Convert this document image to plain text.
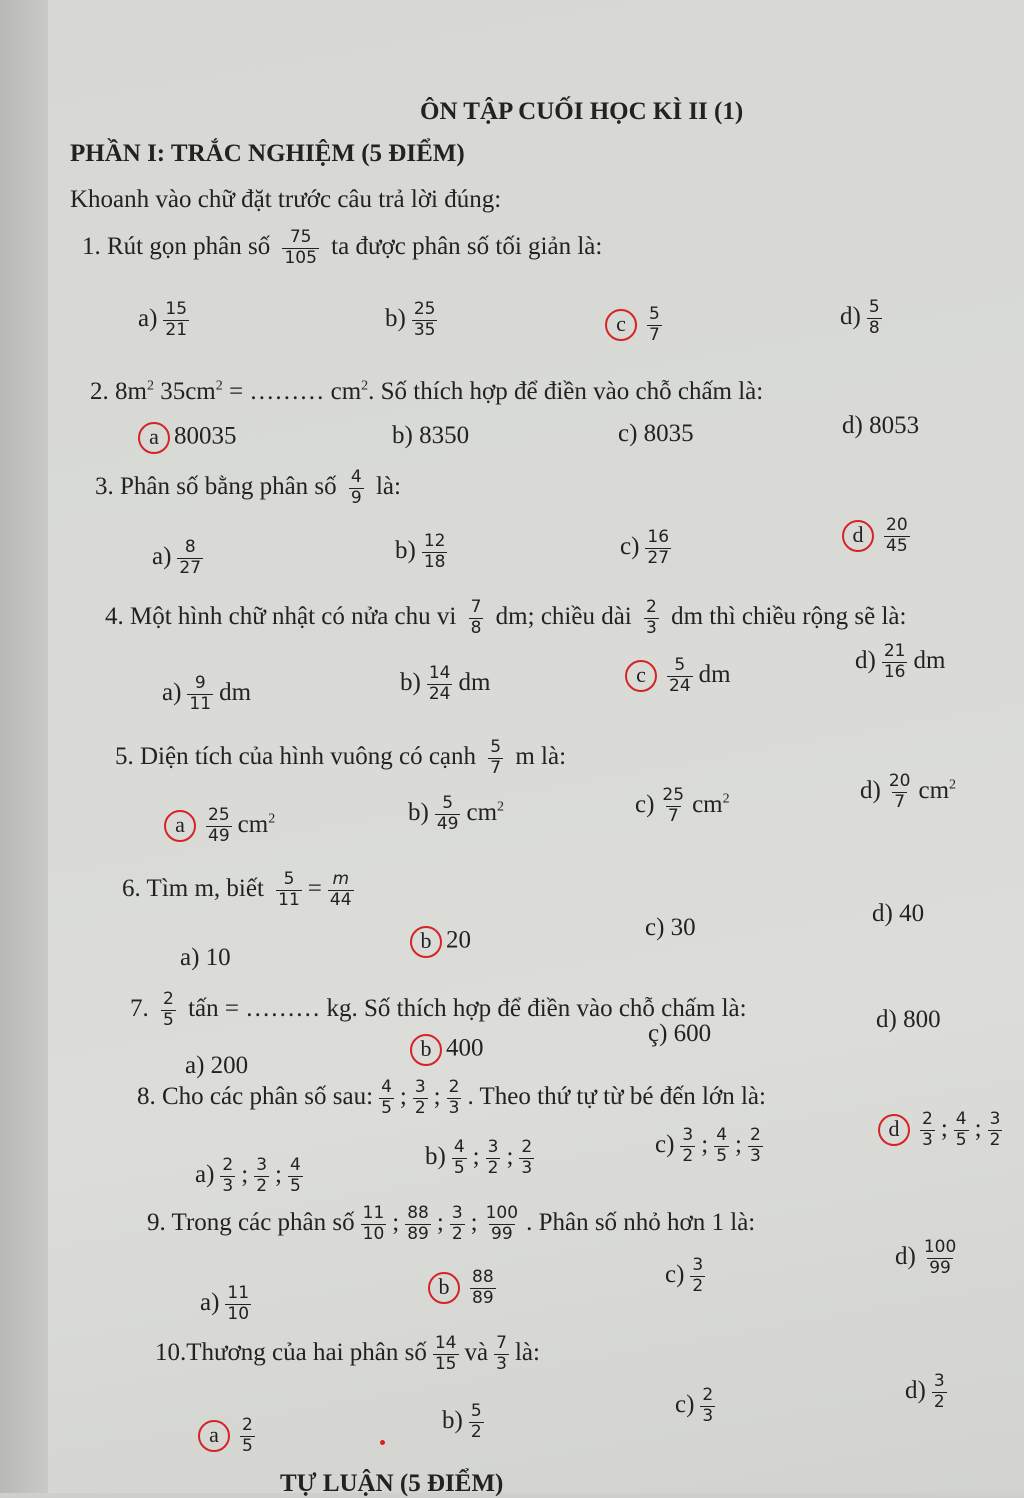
ÔN TẬP CUỐI HỌC KÌ II (1)
PHẦN I: TRẮC NGHIỆM (5 ĐIỂM)
Khoanh vào chữ đặt trước câu trả lời đúng:
1. Rút gọn phân số $\frac{75}{105}$ ta được phân số tối giản là:
$a) \frac{15}{21}$	$b) \frac{25}{35}$	c $\frac{5}{7}$	$d) \frac{5}{8}$
2. $8m^2$ $35cm^2$ = ……… $cm^2$. Số thích hợp để điền vào chỗ chấm là:
a 80035	b) 8350	c) 8035	d) 8053
3. Phân số bằng phân số $\frac{4}{9}$ là:
$a) \frac{8}{27}$	$b) \frac{12}{18}$	$c) \frac{16}{27}$	d $\frac{20}{45}$
4. Một hình chữ nhật có nửa chu vi $\frac{7}{8}$ dm; chiều dài $\frac{2}{3}$ dm thì chiều rộng sẽ là:
$a) \frac{9}{11}$ dm	$b) \frac{14}{24}$ dm	c $\frac{5}{24}$ dm
$d) \frac{21}{16}$ dm
5. Diện tích của hình vuông có cạnh $\frac{5}{7}$ m là:
a $\frac{25}{49} cm^2$	$b) \frac{5}{49} cm^2$	$c) \frac{25}{7} cm^2$	$d) \frac{20}{7} cm^2$
6. Tìm m, biết $\frac{5}{11} = \frac{m}{44}$
a) 10
b 20	c) 30
d) 40
7. $\frac{2}{5}$ tấn = ……… kg. Số thích hợp để điền vào chỗ chấm là:
a) 200
b 400
ç) 600
d) 800
8. Cho các phân số sau: $\frac{4}{5}$ ; $\frac{3}{2}$ ; $\frac{2}{3}$ . Theo thứ tự từ bé đến lớn là:
$a) \frac{2}{3}$ ; $\frac{3}{2}$ ; $\frac{4}{5}$	$b) \frac{4}{5}$ ; $\frac{3}{2}$ ; $\frac{2}{3}$	$c) \frac{3}{2}$ ; $\frac{4}{5}$ ; $\frac{2}{3}$	d $\frac{2}{3}$ ; $\frac{4}{5}$ ; $\frac{3}{2}$
9. Trong các phân số $\frac{11}{10}$ ; $\frac{88}{89}$ ; $\frac{3}{2}$ ; $\frac{100}{99}$ . Phân số nhỏ hơn 1 là:
$a) \frac{11}{10}$	b $\frac{88}{89}$	$c) \frac{3}{2}$	$d) \frac{100}{99}$
10.Thương của hai phân số $\frac{14}{15}$ và $\frac{7}{3}$ là:
a $\frac{2}{5}$	$b) \frac{5}{2}$	$c) \frac{2}{3}$	$d) \frac{3}{2}$
TỰ LUẬN (5 ĐIỂM)
